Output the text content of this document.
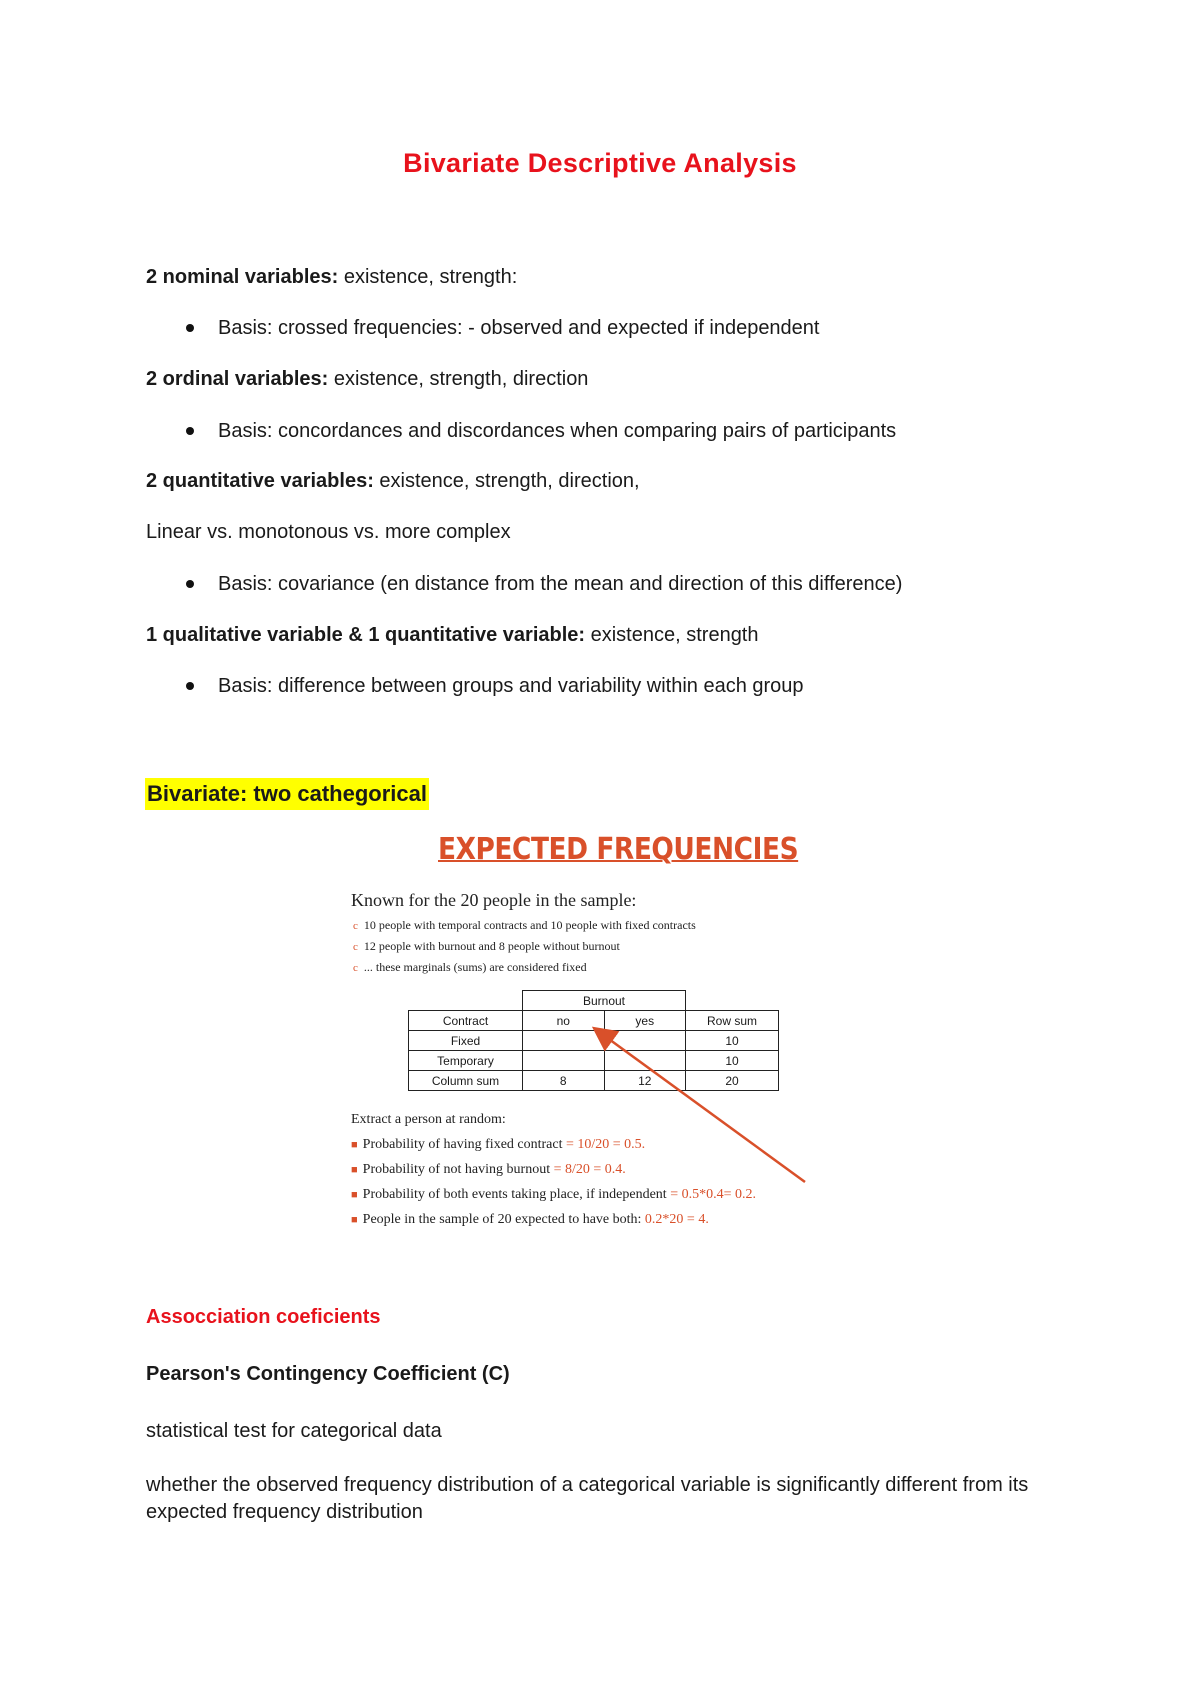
Bivariate Descriptive Analysis
2 nominal variables: existence, strength:
Basis: crossed frequencies: - observed and expected if independent
2 ordinal variables: existence, strength, direction
Basis: concordances and discordances when comparing pairs of participants
2 quantitative variables: existence, strength, direction,
Linear vs. monotonous vs. more complex
Basis: covariance (en distance from the mean and direction of this difference)
1 qualitative variable & 1 quantitative variable: existence, strength
Basis: difference between groups and variability within each group
Bivariate: two cathegorical
EXPECTED FREQUENCIES
Known for the 20 people in the sample:
c 10 people with temporal contracts and 10 people with fixed contracts
c 12 people with burnout and 8 people without burnout
c ... these marginals (sums) are considered fixed
	Burnout		
Contract	no	yes	Row sum
Fixed			10
Temporary			10
Column sum	8	12	20
Extract a person at random:
■ Probability of having fixed contract = 10/20 = 0.5.
■ Probability of not having burnout = 8/20 = 0.4.
■ Probability of both events taking place, if independent = 0.5*0.4= 0.2.
■ People in the sample of 20 expected to have both: 0.2*20 = 4.
Assocciation coeficients
Pearson's Contingency Coefficient (C)
statistical test for categorical data
whether the observed frequency distribution of a categorical variable is significantly different from its expected frequency distribution
